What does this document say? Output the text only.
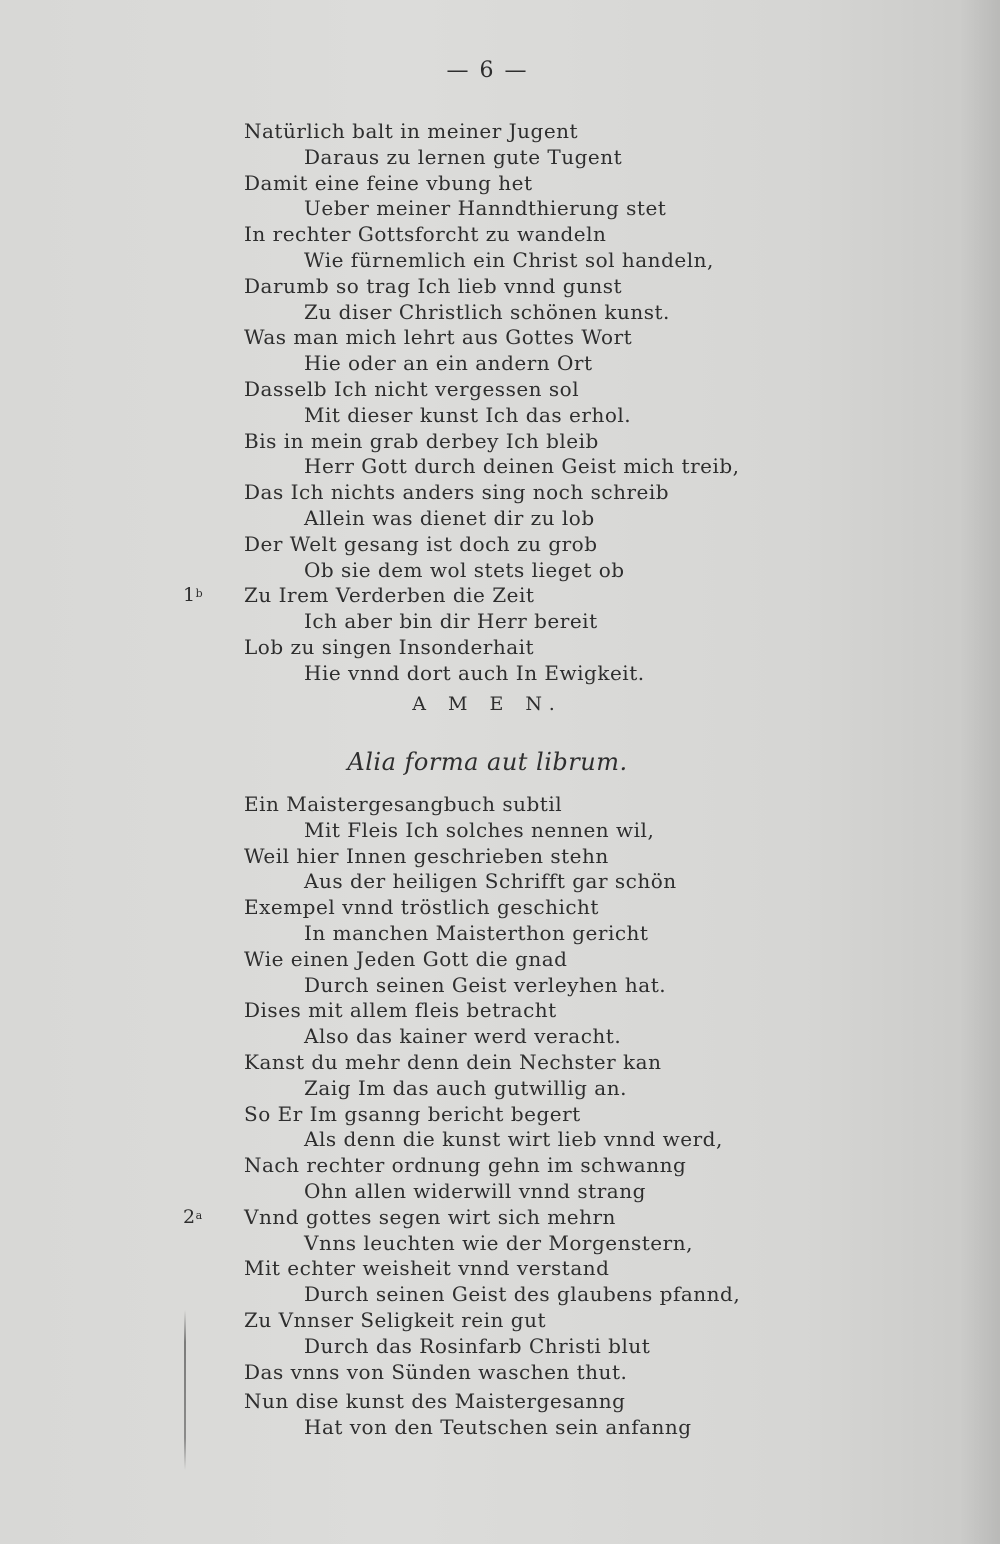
— 6 —
Natürlich balt in meiner Jugent
Daraus zu lernen gute Tugent
Damit eine feine vbung het
Ueber meiner Hanndthierung stet
In rechter Gottsforcht zu wandeln
Wie fürnemlich ein Christ sol handeln,
Darumb so trag Ich lieb vnnd gunst
Zu diser Christlich schönen kunst.
Was man mich lehrt aus Gottes Wort
Hie oder an ein andern Ort
Dasselb Ich nicht vergessen sol
Mit dieser kunst Ich das erhol.
Bis in mein grab derbey Ich bleib
Herr Gott durch deinen Geist mich treib,
Das Ich nichts anders sing noch schreib
Allein was dienet dir zu lob
Der Welt gesang ist doch zu grob
Ob sie dem wol stets lieget ob
1$^b$ Zu Irem Verderben die Zeit
Ich aber bin dir Herr bereit
Lob zu singen Insonderhait
Hie vnnd dort auch In Ewigkeit.
A M E N.
Alia forma aut librum.
Ein Maistergesangbuch subtil
Mit Fleis Ich solches nennen wil,
Weil hier Innen geschrieben stehn
Aus der heiligen Schrifft gar schön
Exempel vnnd tröstlich geschicht
In manchen Maisterthon gericht
Wie einen Jeden Gott die gnad
Durch seinen Geist verleyhen hat.
Dises mit allem fleis betracht
Also das kainer werd veracht.
Kanst du mehr denn dein Nechster kan
Zaig Im das auch gutwillig an.
So Er Im gsanng bericht begert
Als denn die kunst wirt lieb vnnd werd,
Nach rechter ordnung gehn im schwanng
Ohn allen widerwill vnnd strang
2$^a$ Vnnd gottes segen wirt sich mehrn
Vnns leuchten wie der Morgenstern,
Mit echter weisheit vnnd verstand
Durch seinen Geist des glaubens pfannd,
Zu Vnnser Seligkeit rein gut
Durch das Rosinfarb Christi blut
Das vnns von Sünden waschen thut.
Nun dise kunst des Maistergesanng
Hat von den Teutschen sein anfanng
